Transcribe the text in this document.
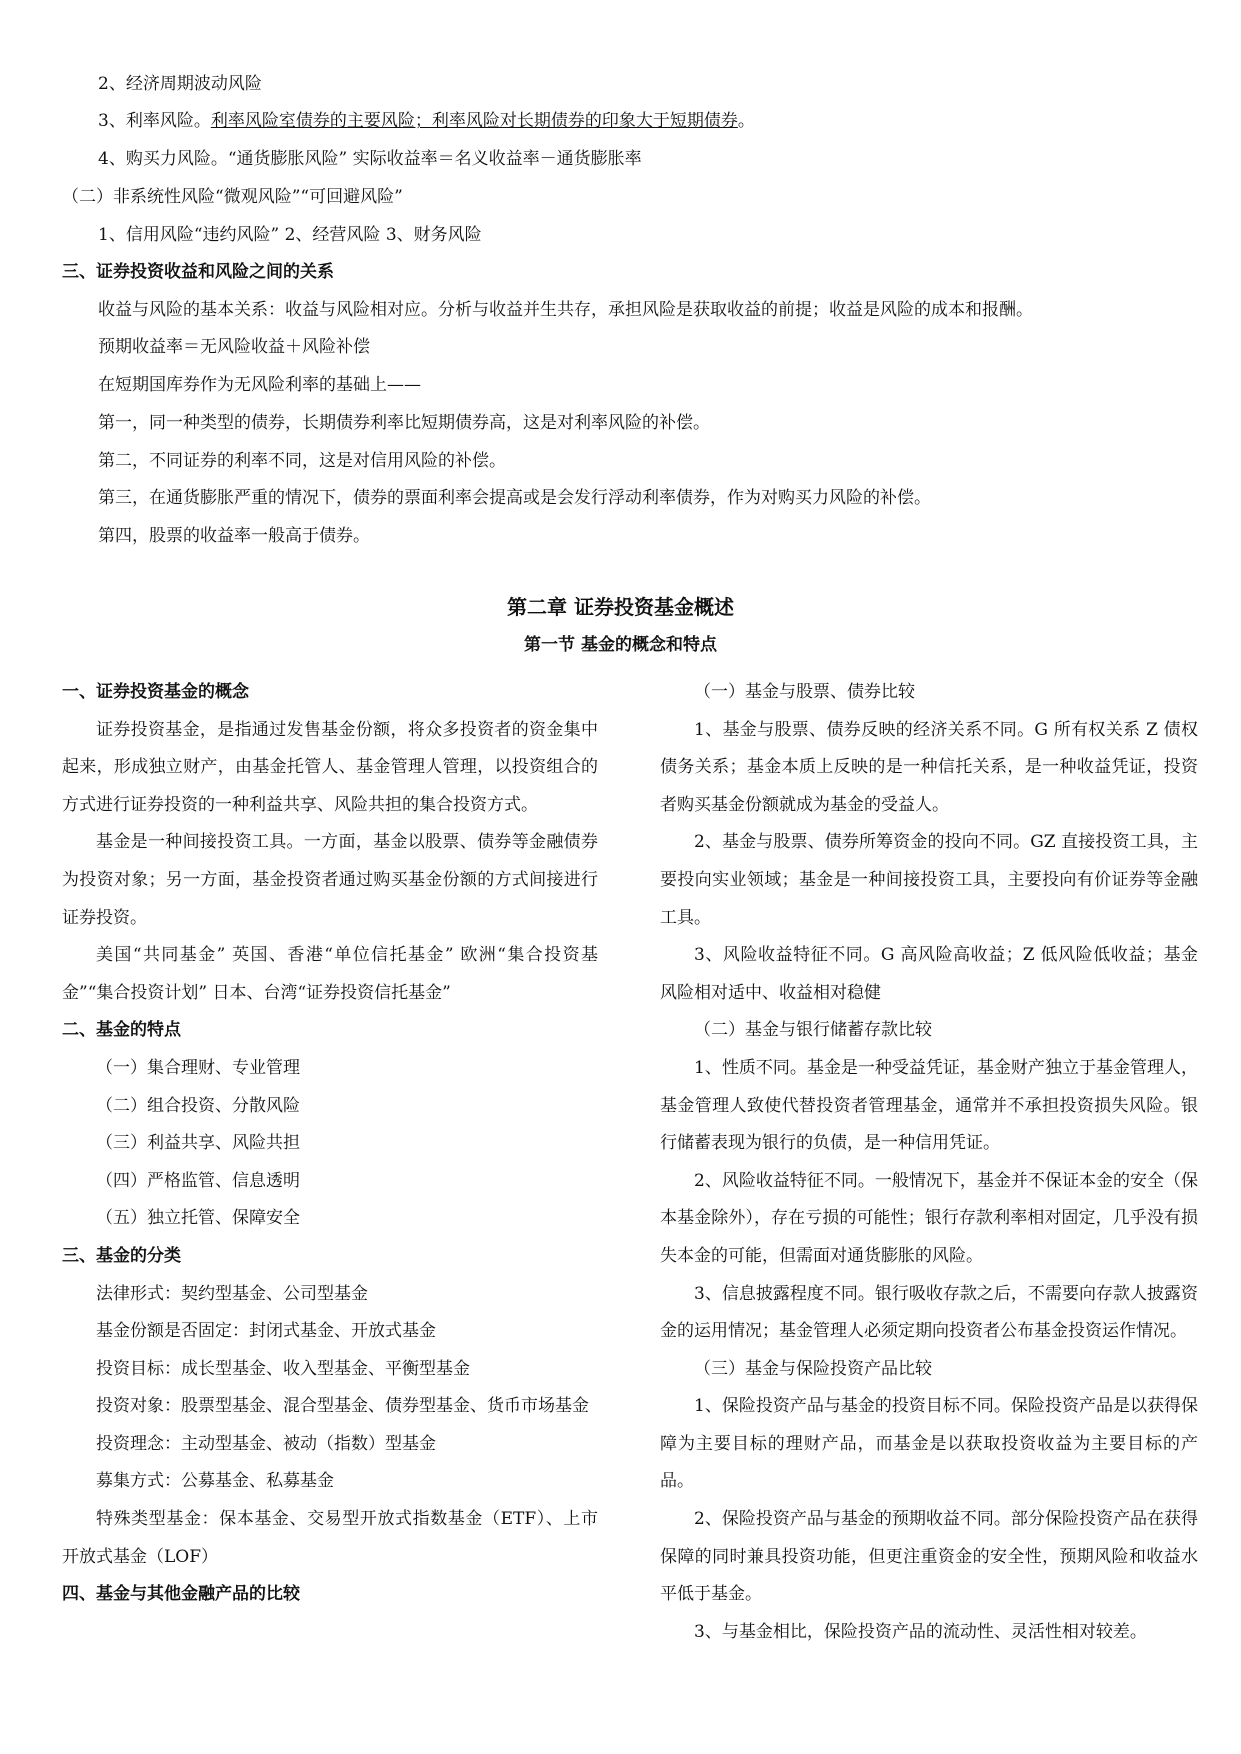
2、经济周期波动风险
3、利率风险。利率风险室债券的主要风险；利率风险对长期债券的印象大于短期债券。
4、购买力风险。“通货膨胀风险” 实际收益率＝名义收益率－通货膨胀率
（二）非系统性风险“微观风险”“可回避风险”
1、信用风险“违约风险” 2、经营风险 3、财务风险
三、证券投资收益和风险之间的关系
收益与风险的基本关系：收益与风险相对应。分析与收益并生共存，承担风险是获取收益的前提；收益是风险的成本和报酬。
预期收益率＝无风险收益＋风险补偿
在短期国库券作为无风险利率的基础上——
第一，同一种类型的债券，长期债券利率比短期债券高，这是对利率风险的补偿。
第二，不同证券的利率不同，这是对信用风险的补偿。
第三，在通货膨胀严重的情况下，债券的票面利率会提高或是会发行浮动利率债券，作为对购买力风险的补偿。
第四，股票的收益率一般高于债券。
第二章 证券投资基金概述
第一节 基金的概念和特点

一、证券投资基金的概念

证券投资基金，是指通过发售基金份额，将众多投资者的资金集中起来，形成独立财产，由基金托管人、基金管理人管理，以投资组合的方式进行证券投资的一种利益共享、风险共担的集合投资方式。

基金是一种间接投资工具。一方面，基金以股票、债券等金融债券为投资对象；另一方面，基金投资者通过购买基金份额的方式间接进行证券投资。

美国“共同基金” 英国、香港“单位信托基金” 欧洲“集合投资基金”“集合投资计划” 日本、台湾“证券投资信托基金”

二、基金的特点

（一）集合理财、专业管理

（二）组合投资、分散风险

（三）利益共享、风险共担

（四）严格监管、信息透明

（五）独立托管、保障安全

三、基金的分类

法律形式：契约型基金、公司型基金

基金份额是否固定：封闭式基金、开放式基金

投资目标：成长型基金、收入型基金、平衡型基金

投资对象：股票型基金、混合型基金、债券型基金、货币市场基金

投资理念：主动型基金、被动（指数）型基金

募集方式：公募基金、私募基金

特殊类型基金：保本基金、交易型开放式指数基金（ETF）、上市开放式基金（LOF）

四、基金与其他金融产品的比较

（一）基金与股票、债券比较

1、基金与股票、债券反映的经济关系不同。G 所有权关系 Z 债权债务关系；基金本质上反映的是一种信托关系，是一种收益凭证，投资者购买基金份额就成为基金的受益人。

2、基金与股票、债券所筹资金的投向不同。GZ 直接投资工具，主要投向实业领域；基金是一种间接投资工具，主要投向有价证券等金融工具。

3、风险收益特征不同。G 高风险高收益；Z 低风险低收益；基金风险相对适中、收益相对稳健

（二）基金与银行储蓄存款比较

1、性质不同。基金是一种受益凭证，基金财产独立于基金管理人，基金管理人致使代替投资者管理基金，通常并不承担投资损失风险。银行储蓄表现为银行的负债，是一种信用凭证。

2、风险收益特征不同。一般情况下，基金并不保证本金的安全（保本基金除外），存在亏损的可能性；银行存款利率相对固定，几乎没有损失本金的可能，但需面对通货膨胀的风险。

3、信息披露程度不同。银行吸收存款之后，不需要向存款人披露资金的运用情况；基金管理人必须定期向投资者公布基金投资运作情况。

（三）基金与保险投资产品比较

1、保险投资产品与基金的投资目标不同。保险投资产品是以获得保障为主要目标的理财产品，而基金是以获取投资收益为主要目标的产品。

2、保险投资产品与基金的预期收益不同。部分保险投资产品在获得保障的同时兼具投资功能，但更注重资金的安全性，预期风险和收益水平低于基金。

3、与基金相比，保险投资产品的流动性、灵活性相对较差。
